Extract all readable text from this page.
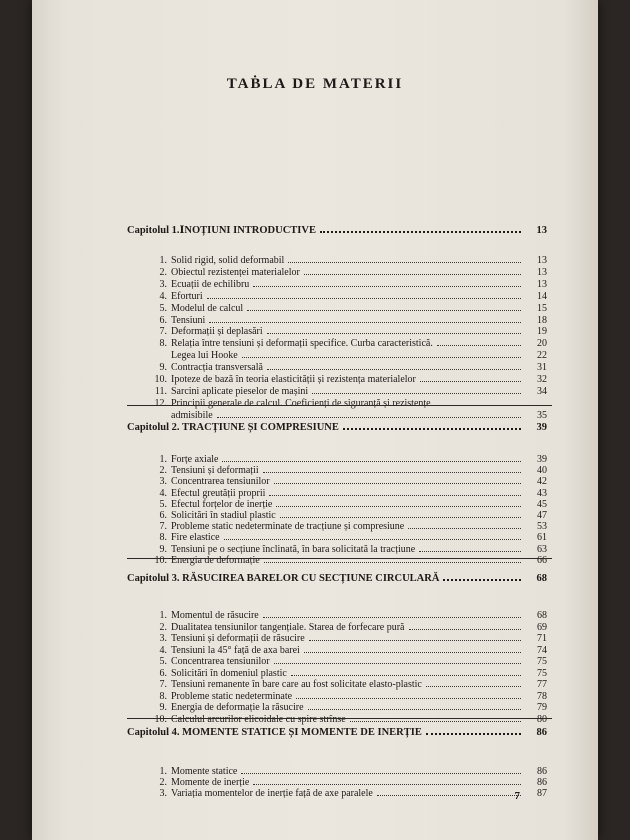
TAḂLA DE MATERII
Capitolul 1.ⅠNOȚIUNI INTRODUCTIVE	13
1. Solid rigid, solid deformabil	13
2. Obiectul rezistenței materialelor	13
3. Ecuații de echilibru	13
4. Eforturi	14
5. Modelul de calcul	15
6. Tensiuni	18
7. Deformații și deplasări	19
8. Relația între tensiuni și deformații specifice. Curba caracteristică.	20
Legea lui Hooke	22
9. Contracția transversală	31
10. Ipoteze de bază în teoria elasticității și rezistența materialelor	32
11. Sarcini aplicate pieselor de mașini	34
12. Principii generale de calcul. Coeficienți de siguranță și rezistențe
admisibile	35
Capitolul 2. TRACȚIUNE ȘI COMPRESIUNE	39
1. Forțe axiale	39
2. Tensiuni și deformații	40
3. Concentrarea tensiunilor	42
4. Efectul greutății proprii	43
5. Efectul forțelor de inerție	45
6. Solicitări în stadiul plastic	47
7. Probleme static nedeterminate de tracțiune și compresiune	53
8. Fire elastice	61
9. Tensiuni pe o secțiune înclinată, în bara solicitată la tracțiune	63
10. Energia de deformație	66
Capitolul 3. RĂSUCIREA BARELOR CU SECȚIUNE CIRCULARĂ	68
1. Momentul de răsucire	68
2. Dualitatea tensiunilor tangențiale. Starea de forfecare pură	69
3. Tensiuni și deformații de răsucire	71
4. Tensiuni la 45° față de axa barei	74
5. Concentrarea tensiunilor	75
6. Solicitări în domeniul plastic	75
7. Tensiuni remanente în bare care au fost solicitate elasto-plastic	77
8. Probleme static nedeterminate	78
9. Energia de deformație la răsucire	79
10. Calculul arcurilor elicoidale cu spire strînse	80
Capitolul 4. MOMENTE STATICE ȘI MOMENTE DE INERȚIE	86
1. Momente statice	86
2. Momente de inerție	86
3. Variația momentelor de inerție față de axe paralele	87
7
